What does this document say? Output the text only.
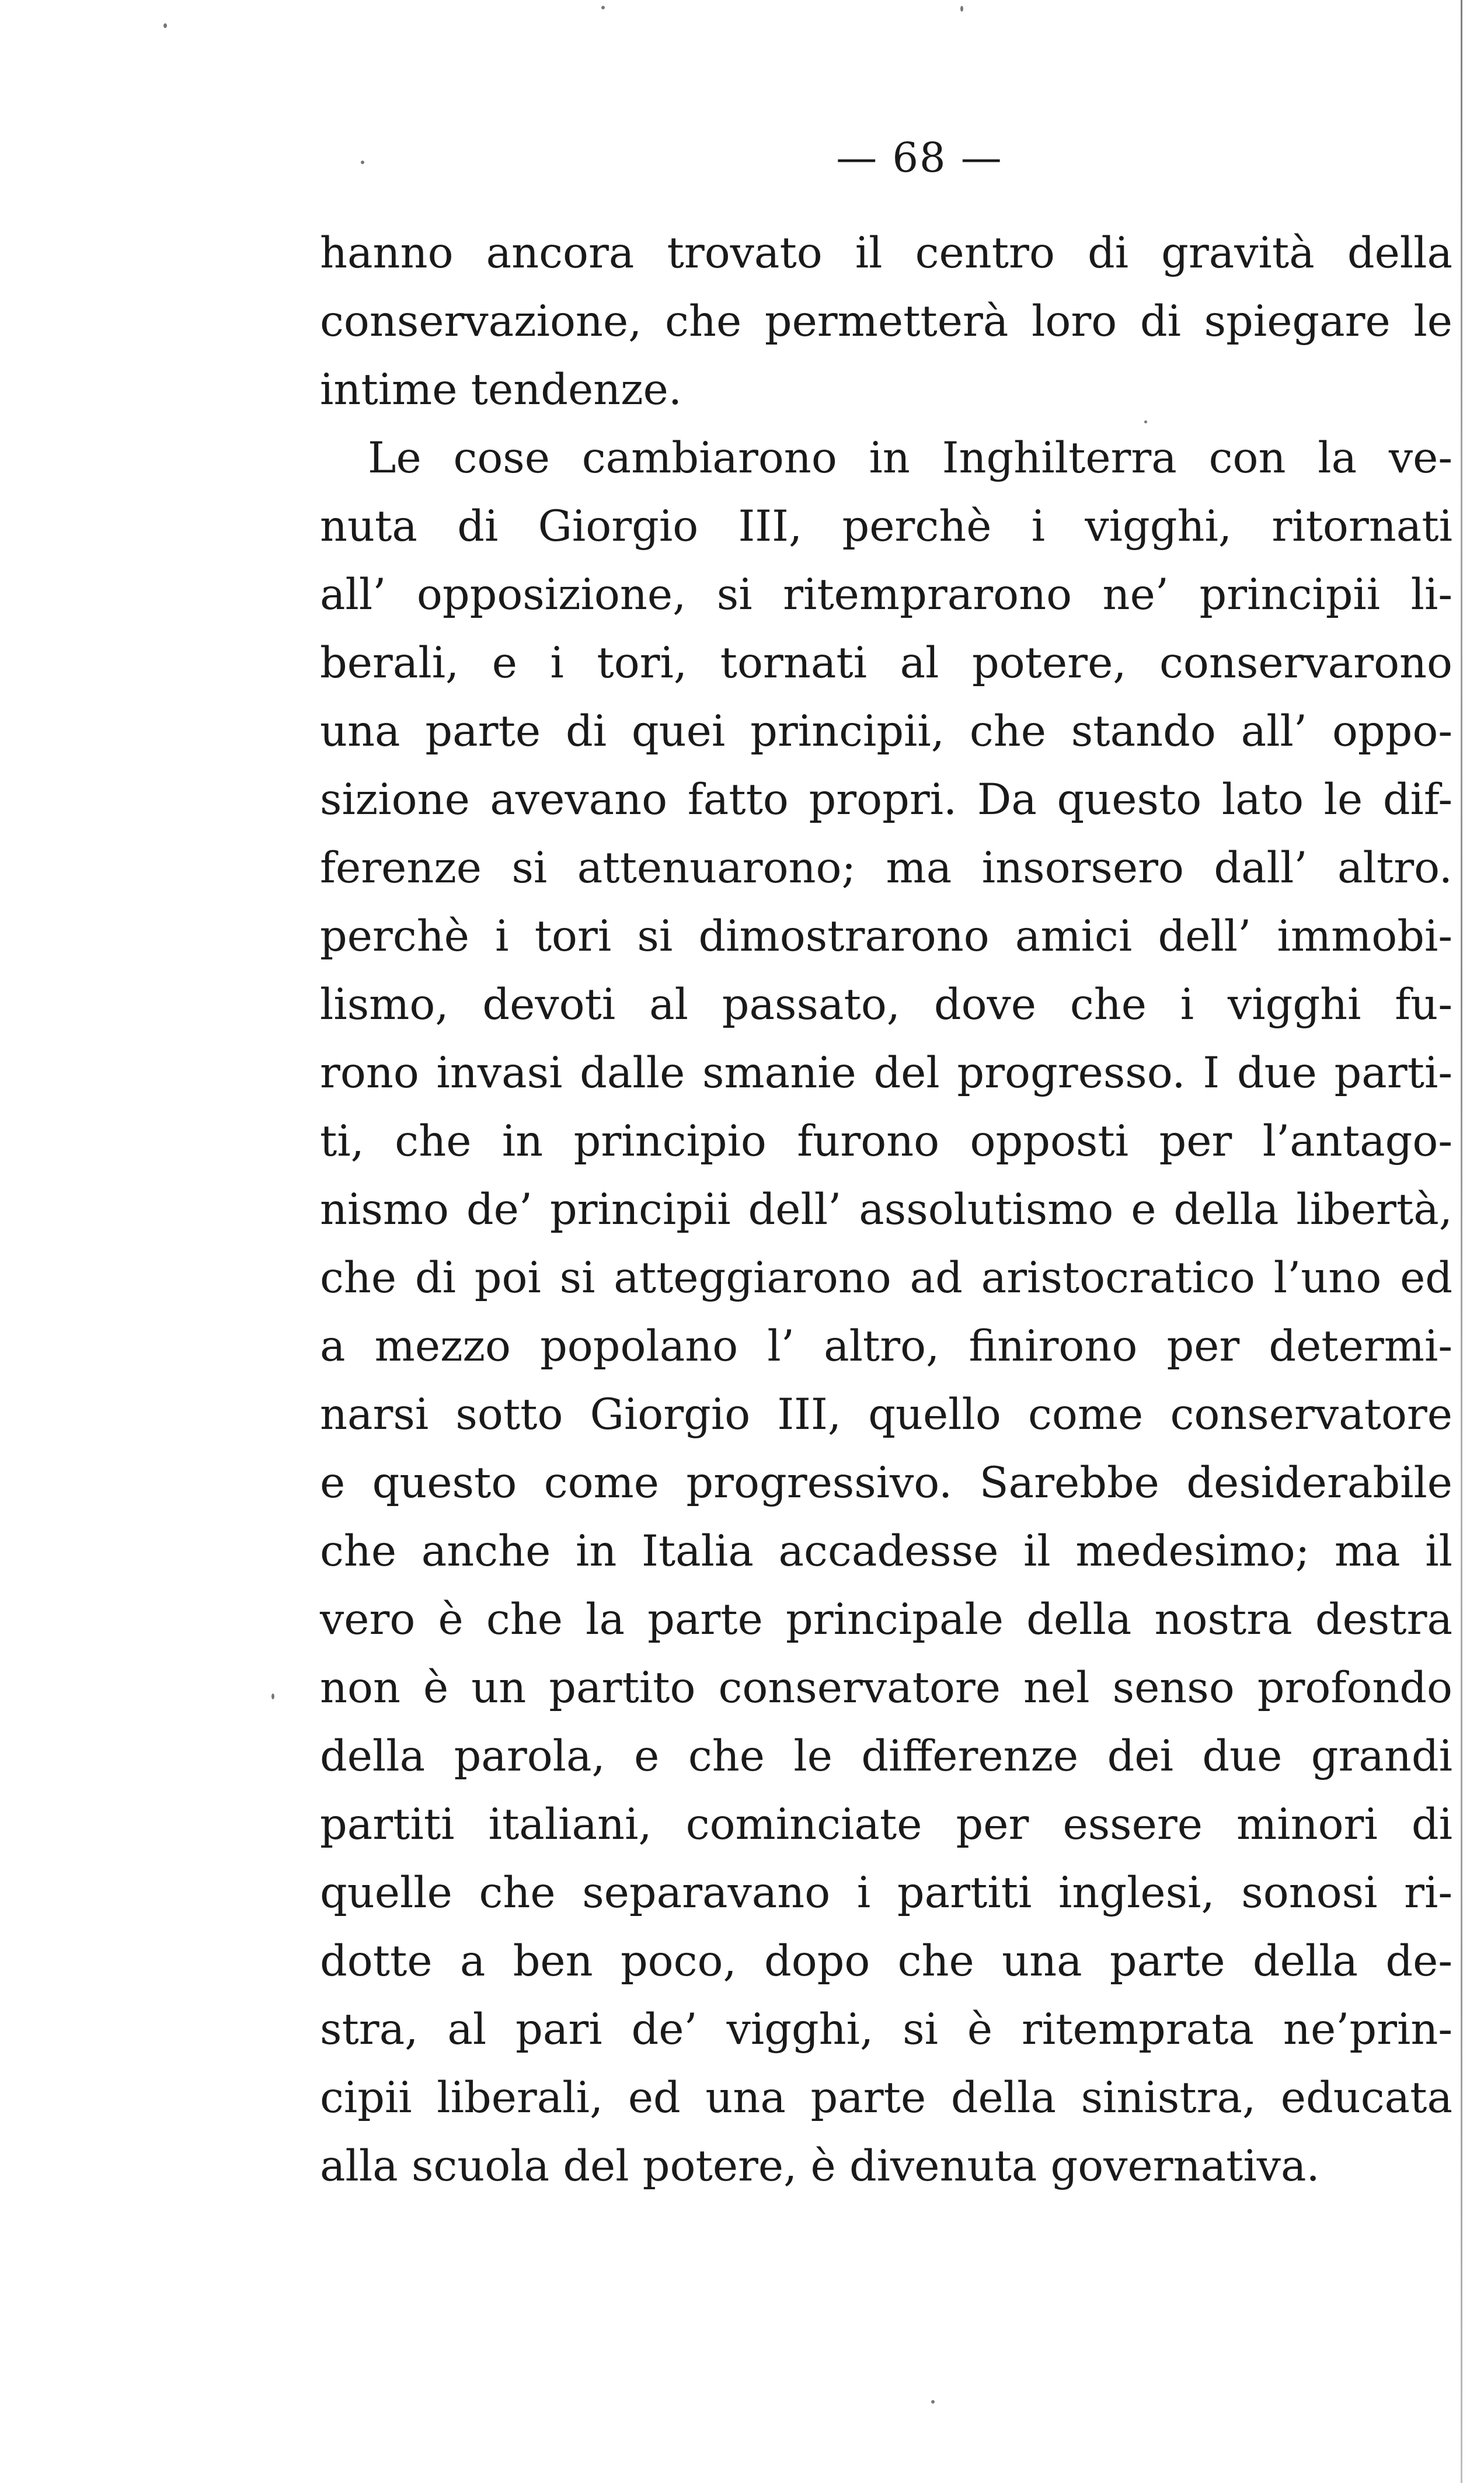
— 68 —
hanno ancora trovato il centro di gravità della
conservazione, che permetterà loro di spiegare le
intime tendenze.
Le cose cambiarono in Inghilterra con la ve-
nuta di Giorgio III, perchè i vigghi, ritornati
all’ opposizione, si ritemprarono ne’ principii li-
berali, e i tori, tornati al potere, conservarono
una parte di quei principii, che stando all’ oppo-
sizione avevano fatto propri. Da questo lato le dif-
ferenze si attenuarono; ma insorsero dall’ altro.
perchè i tori si dimostrarono amici dell’ immobi-
lismo, devoti al passato, dove che i vigghi fu-
rono invasi dalle smanie del progresso. I due parti-
ti, che in principio furono opposti per l’antago-
nismo de’ principii dell’ assolutismo e della libertà,
che di poi si atteggiarono ad aristocratico l’uno ed
a mezzo popolano l’ altro, finirono per determi-
narsi sotto Giorgio III, quello come conservatore
e questo come progressivo. Sarebbe desiderabile
che anche in Italia accadesse il medesimo; ma il
vero è che la parte principale della nostra destra
non è un partito conservatore nel senso profondo
della parola, e che le differenze dei due grandi
partiti italiani, cominciate per essere minori di
quelle che separavano i partiti inglesi, sonosi ri-
dotte a ben poco, dopo che una parte della de-
stra, al pari de’ vigghi, si è ritemprata ne’prin-
cipii liberali, ed una parte della sinistra, educata
alla scuola del potere, è divenuta governativa.
